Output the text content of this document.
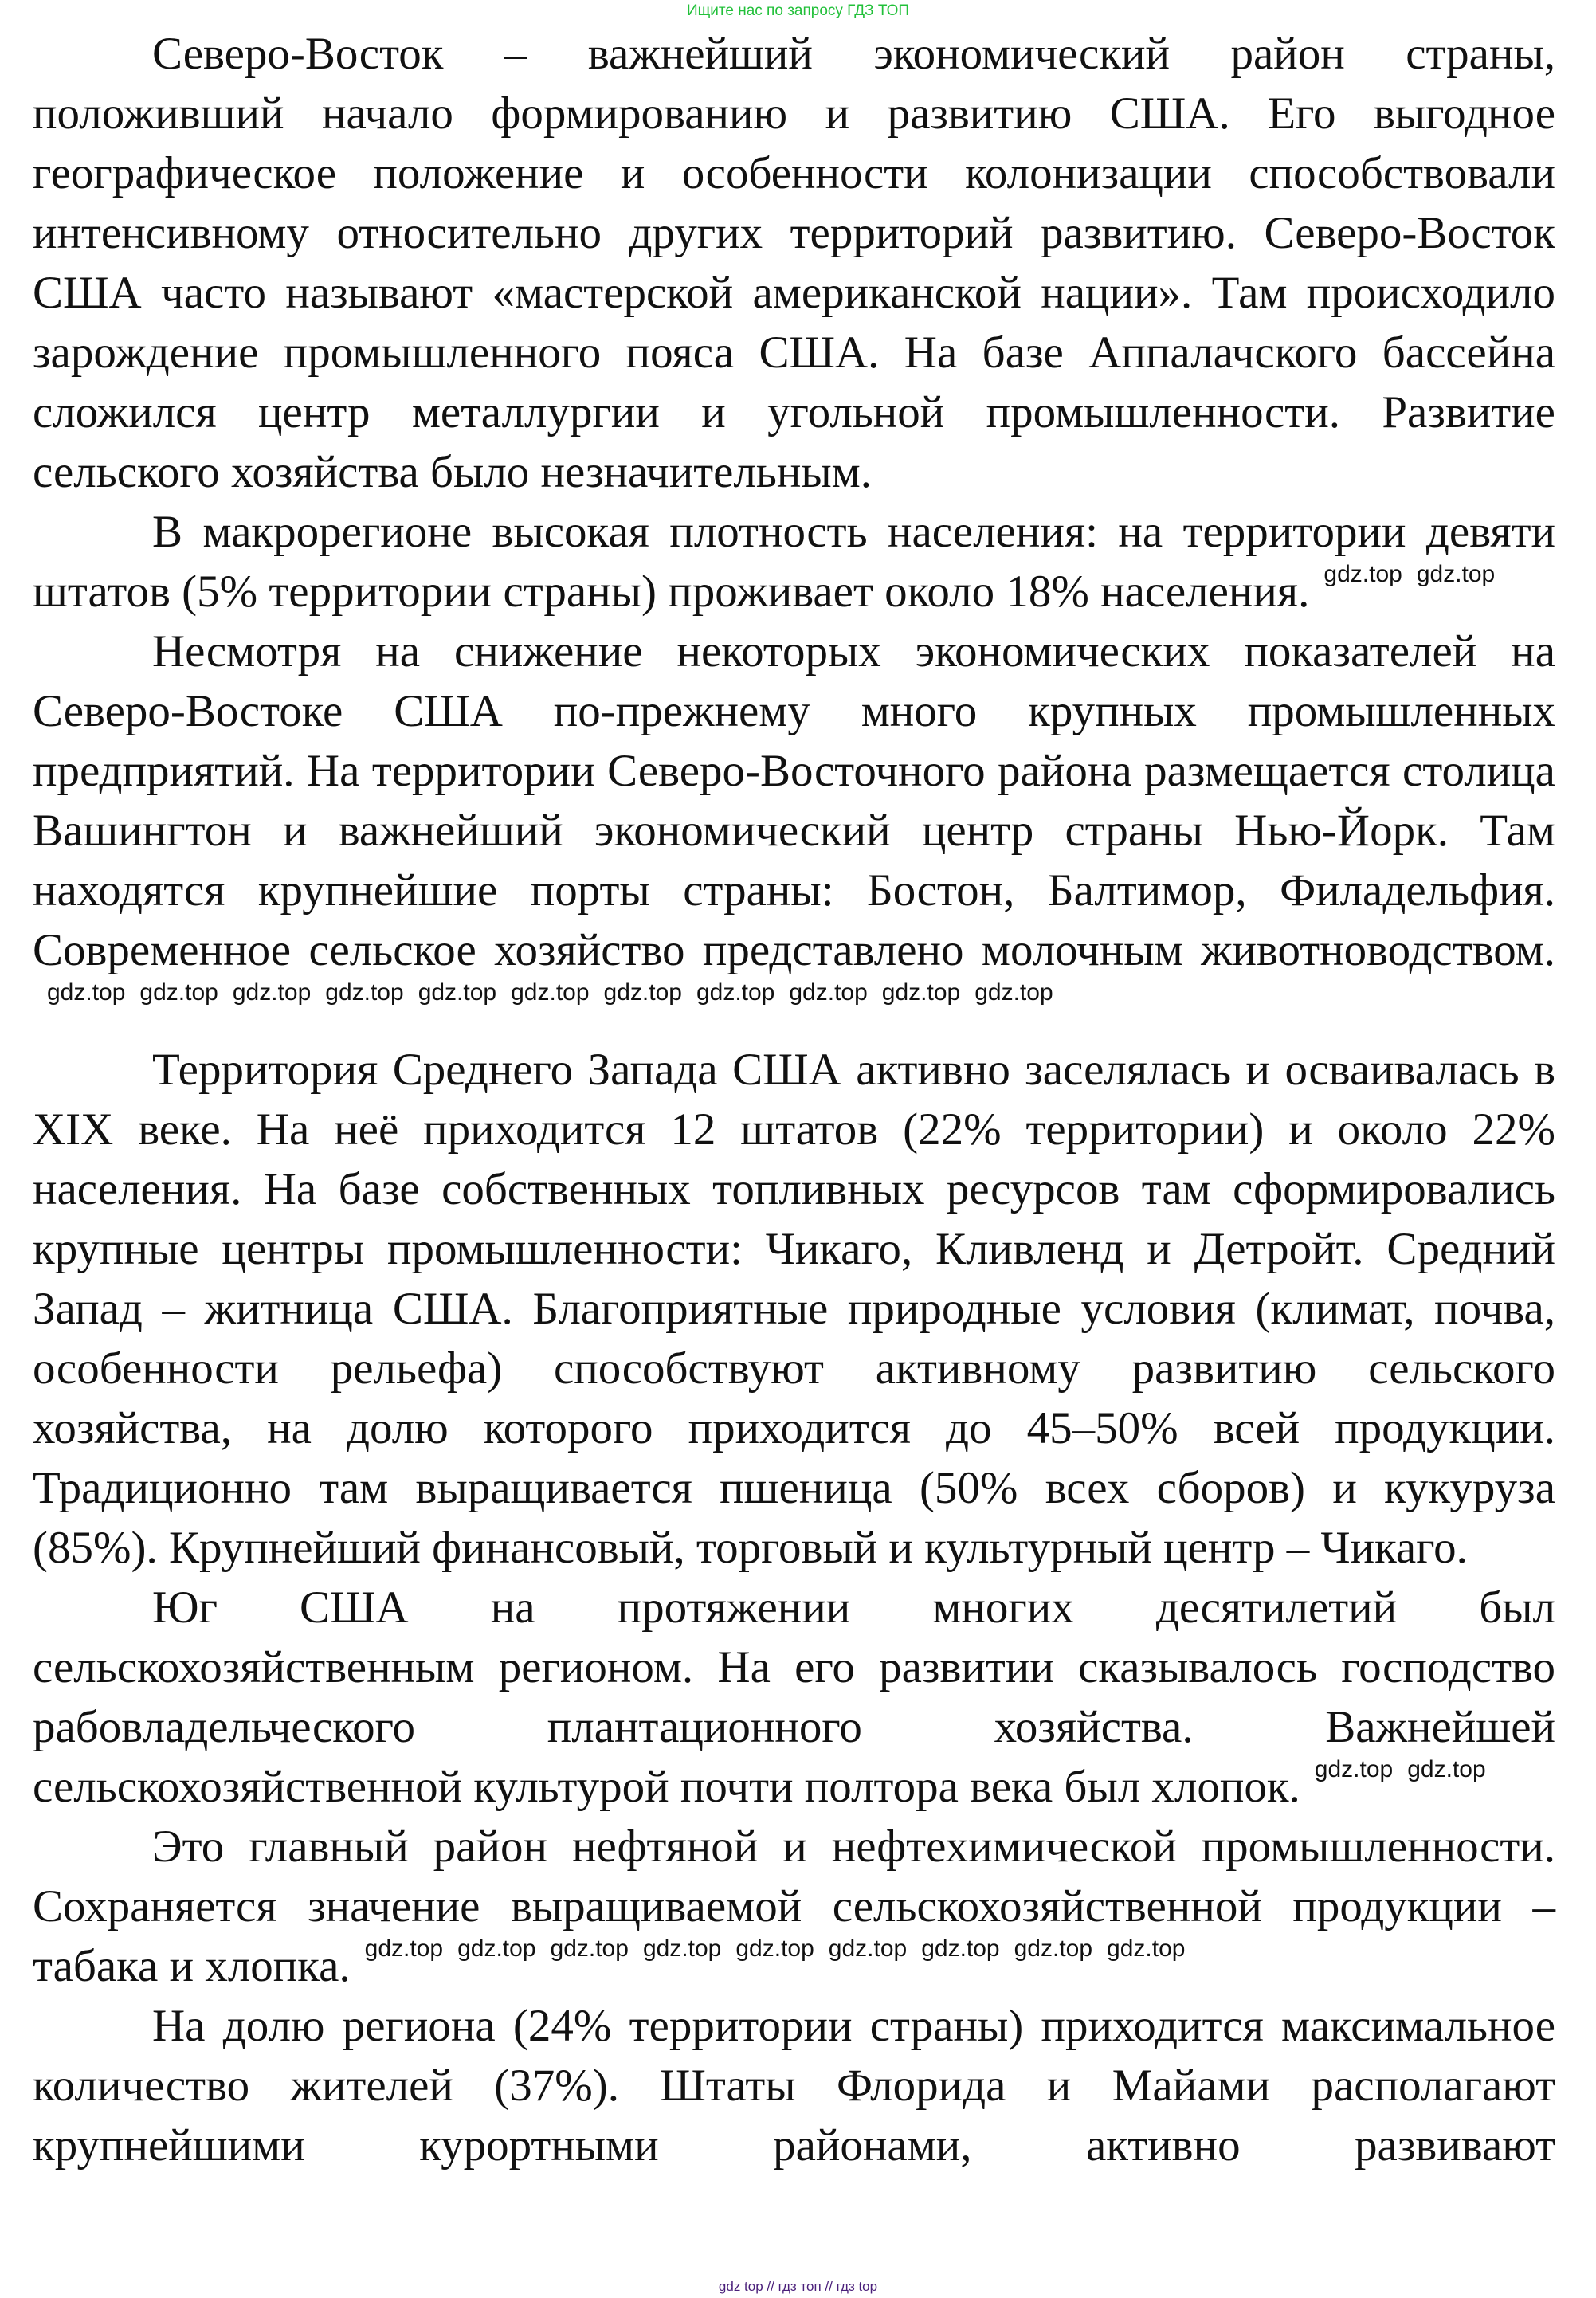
Ищите нас по запросу ГДЗ ТОП

Северо-Восток – важнейший экономический район страны, положивший начало формированию и развитию США. Его выгодное географическое положение и особенности колонизации способствовали интенсивному относительно других территорий развитию. Северо-Восток США часто называют «мастерской американской нации». Там происходило зарождение промышленного пояса США. На базе Аппалачского бассейна сложился центр металлургии и угольной промышленности. Развитие сельского хозяйства было незначительным.

В макрорегионе высокая плотность населения: на территории девяти штатов (5% территории страны) проживает около 18% населения. gdz.top gdz.top

Несмотря на снижение некоторых экономических показателей на Северо-Востоке США по-прежнему много крупных промышленных предприятий. На территории Северо-Восточного района размещается столица Вашингтон и важнейший экономический центр страны Нью-Йорк. Там находятся крупнейшие порты страны: Бостон, Балтимор, Филадельфия. Современное сельское хозяйство представлено молочным животноводством.gdz.top gdz.top gdz.top gdz.top gdz.top gdz.top gdz.top gdz.top gdz.top gdz.top gdz.top

Территория Среднего Запада США активно заселялась и осваивалась в XIX веке. На неё приходится 12 штатов (22% территории) и около 22% населения. На базе собственных топливных ресурсов там сформировались крупные центры промышленности: Чикаго, Кливленд и Детройт. Средний Запад – житница США. Благоприятные природные условия (климат, почва, особенности рельефа) способствуют активному развитию сельского хозяйства, на долю которого приходится до 45–50% всей продукции. Традиционно там выращивается пшеница (50% всех сборов) и кукуруза (85%). Крупнейший финансовый, торговый и культурный центр – Чикаго.

Юг США на протяжении многих десятилетий был сельскохозяйственным регионом. На его развитии сказывалось господство рабовладельческого плантационного хозяйства. Важнейшей сельскохозяйственной культурой почти полтора века был хлопок. gdz.top gdz.top

Это главный район нефтяной и нефтехимической промышленности. Сохраняется значение выращиваемой сельскохозяйственной продукции – табака и хлопка. gdz.top gdz.top gdz.top gdz.top gdz.top gdz.top gdz.top gdz.top gdz.top

На долю региона (24% территории страны) приходится максимальное количество жителей (37%). Штаты Флорида и Майами располагают крупнейшими курортными районами, активно развивают

gdz top // гдз топ // гдз top
